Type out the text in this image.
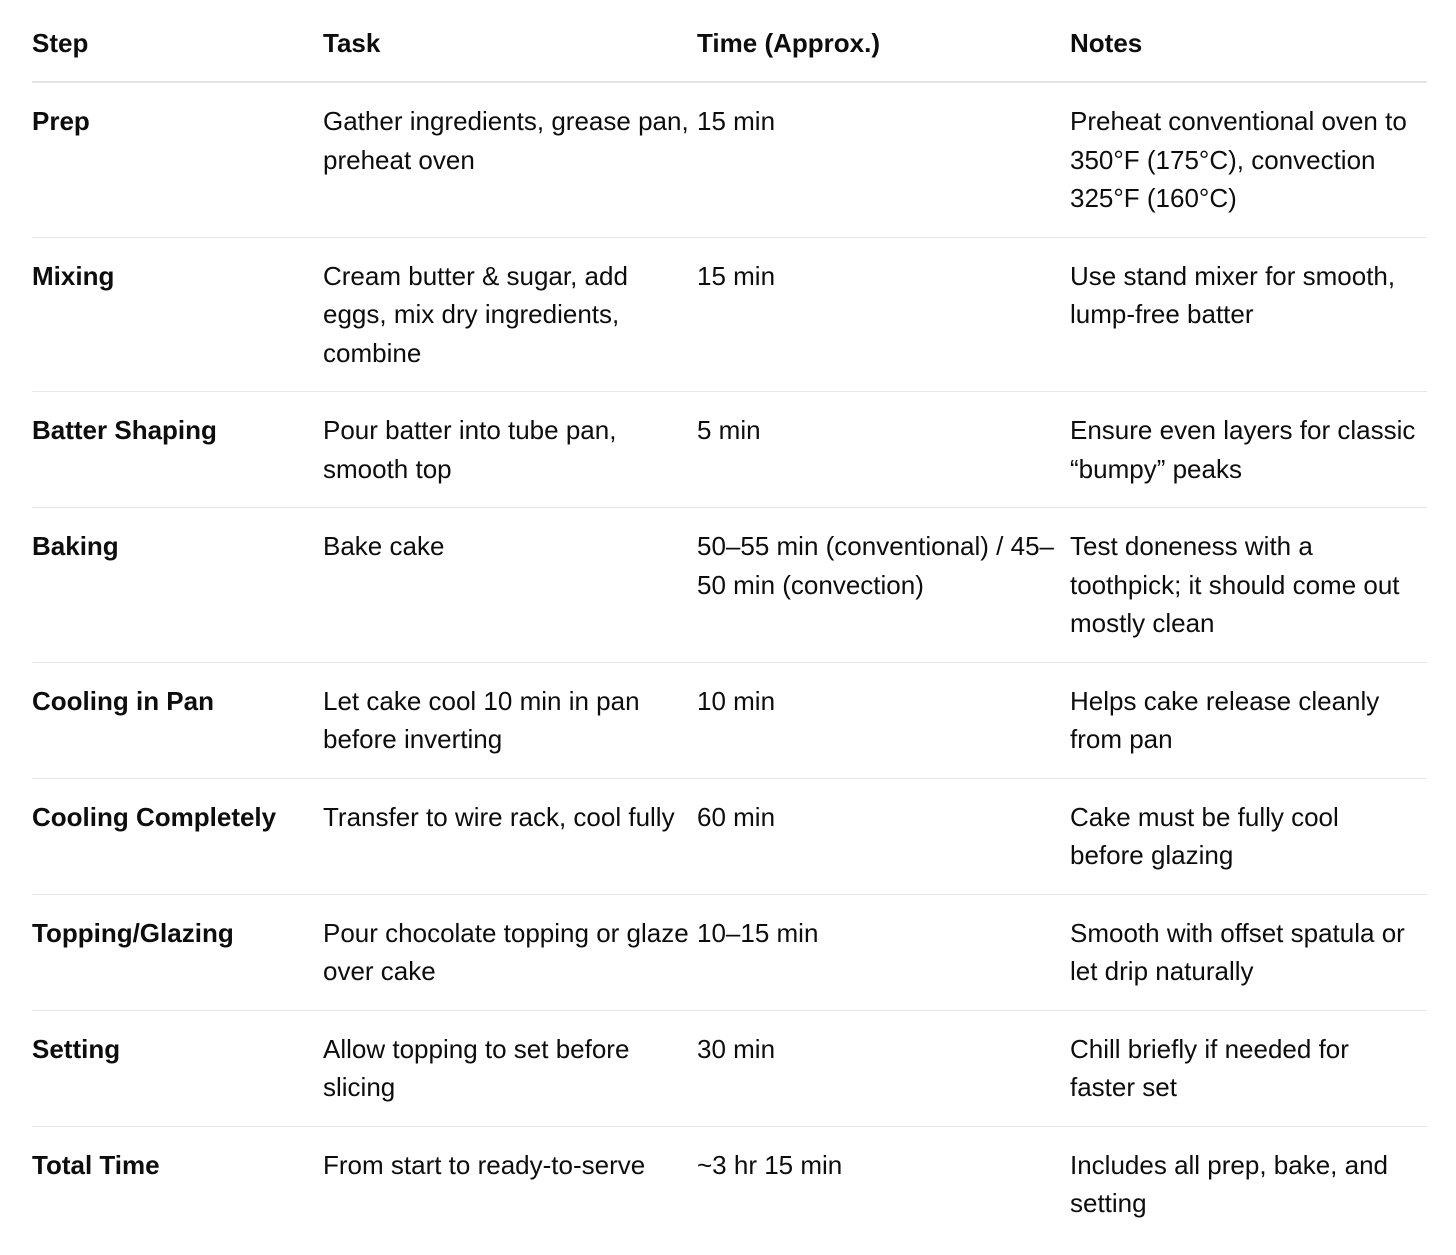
Step	Task	Time (Approx.)	Notes
Prep	Gather ingredients, grease pan, preheat oven	15 min	Preheat conventional oven to 350°F (175°C), convection 325°F (160°C)
Mixing	Cream butter & sugar, add eggs, mix dry ingredients, combine	15 min	Use stand mixer for smooth, lump-free batter
Batter Shaping	Pour batter into tube pan, smooth top	5 min	Ensure even layers for classic “bumpy” peaks
Baking	Bake cake	50–55 min (conventional) / 45–50 min (convection)	Test doneness with a toothpick; it should come out mostly clean
Cooling in Pan	Let cake cool 10 min in pan before inverting	10 min	Helps cake release cleanly from pan
Cooling Completely	Transfer to wire rack, cool fully	60 min	Cake must be fully cool before glazing
Topping/Glazing	Pour chocolate topping or glaze over cake	10–15 min	Smooth with offset spatula or let drip naturally
Setting	Allow topping to set before slicing	30 min	Chill briefly if needed for faster set
Total Time	From start to ready-to-serve	~3 hr 15 min	Includes all prep, bake, and setting
